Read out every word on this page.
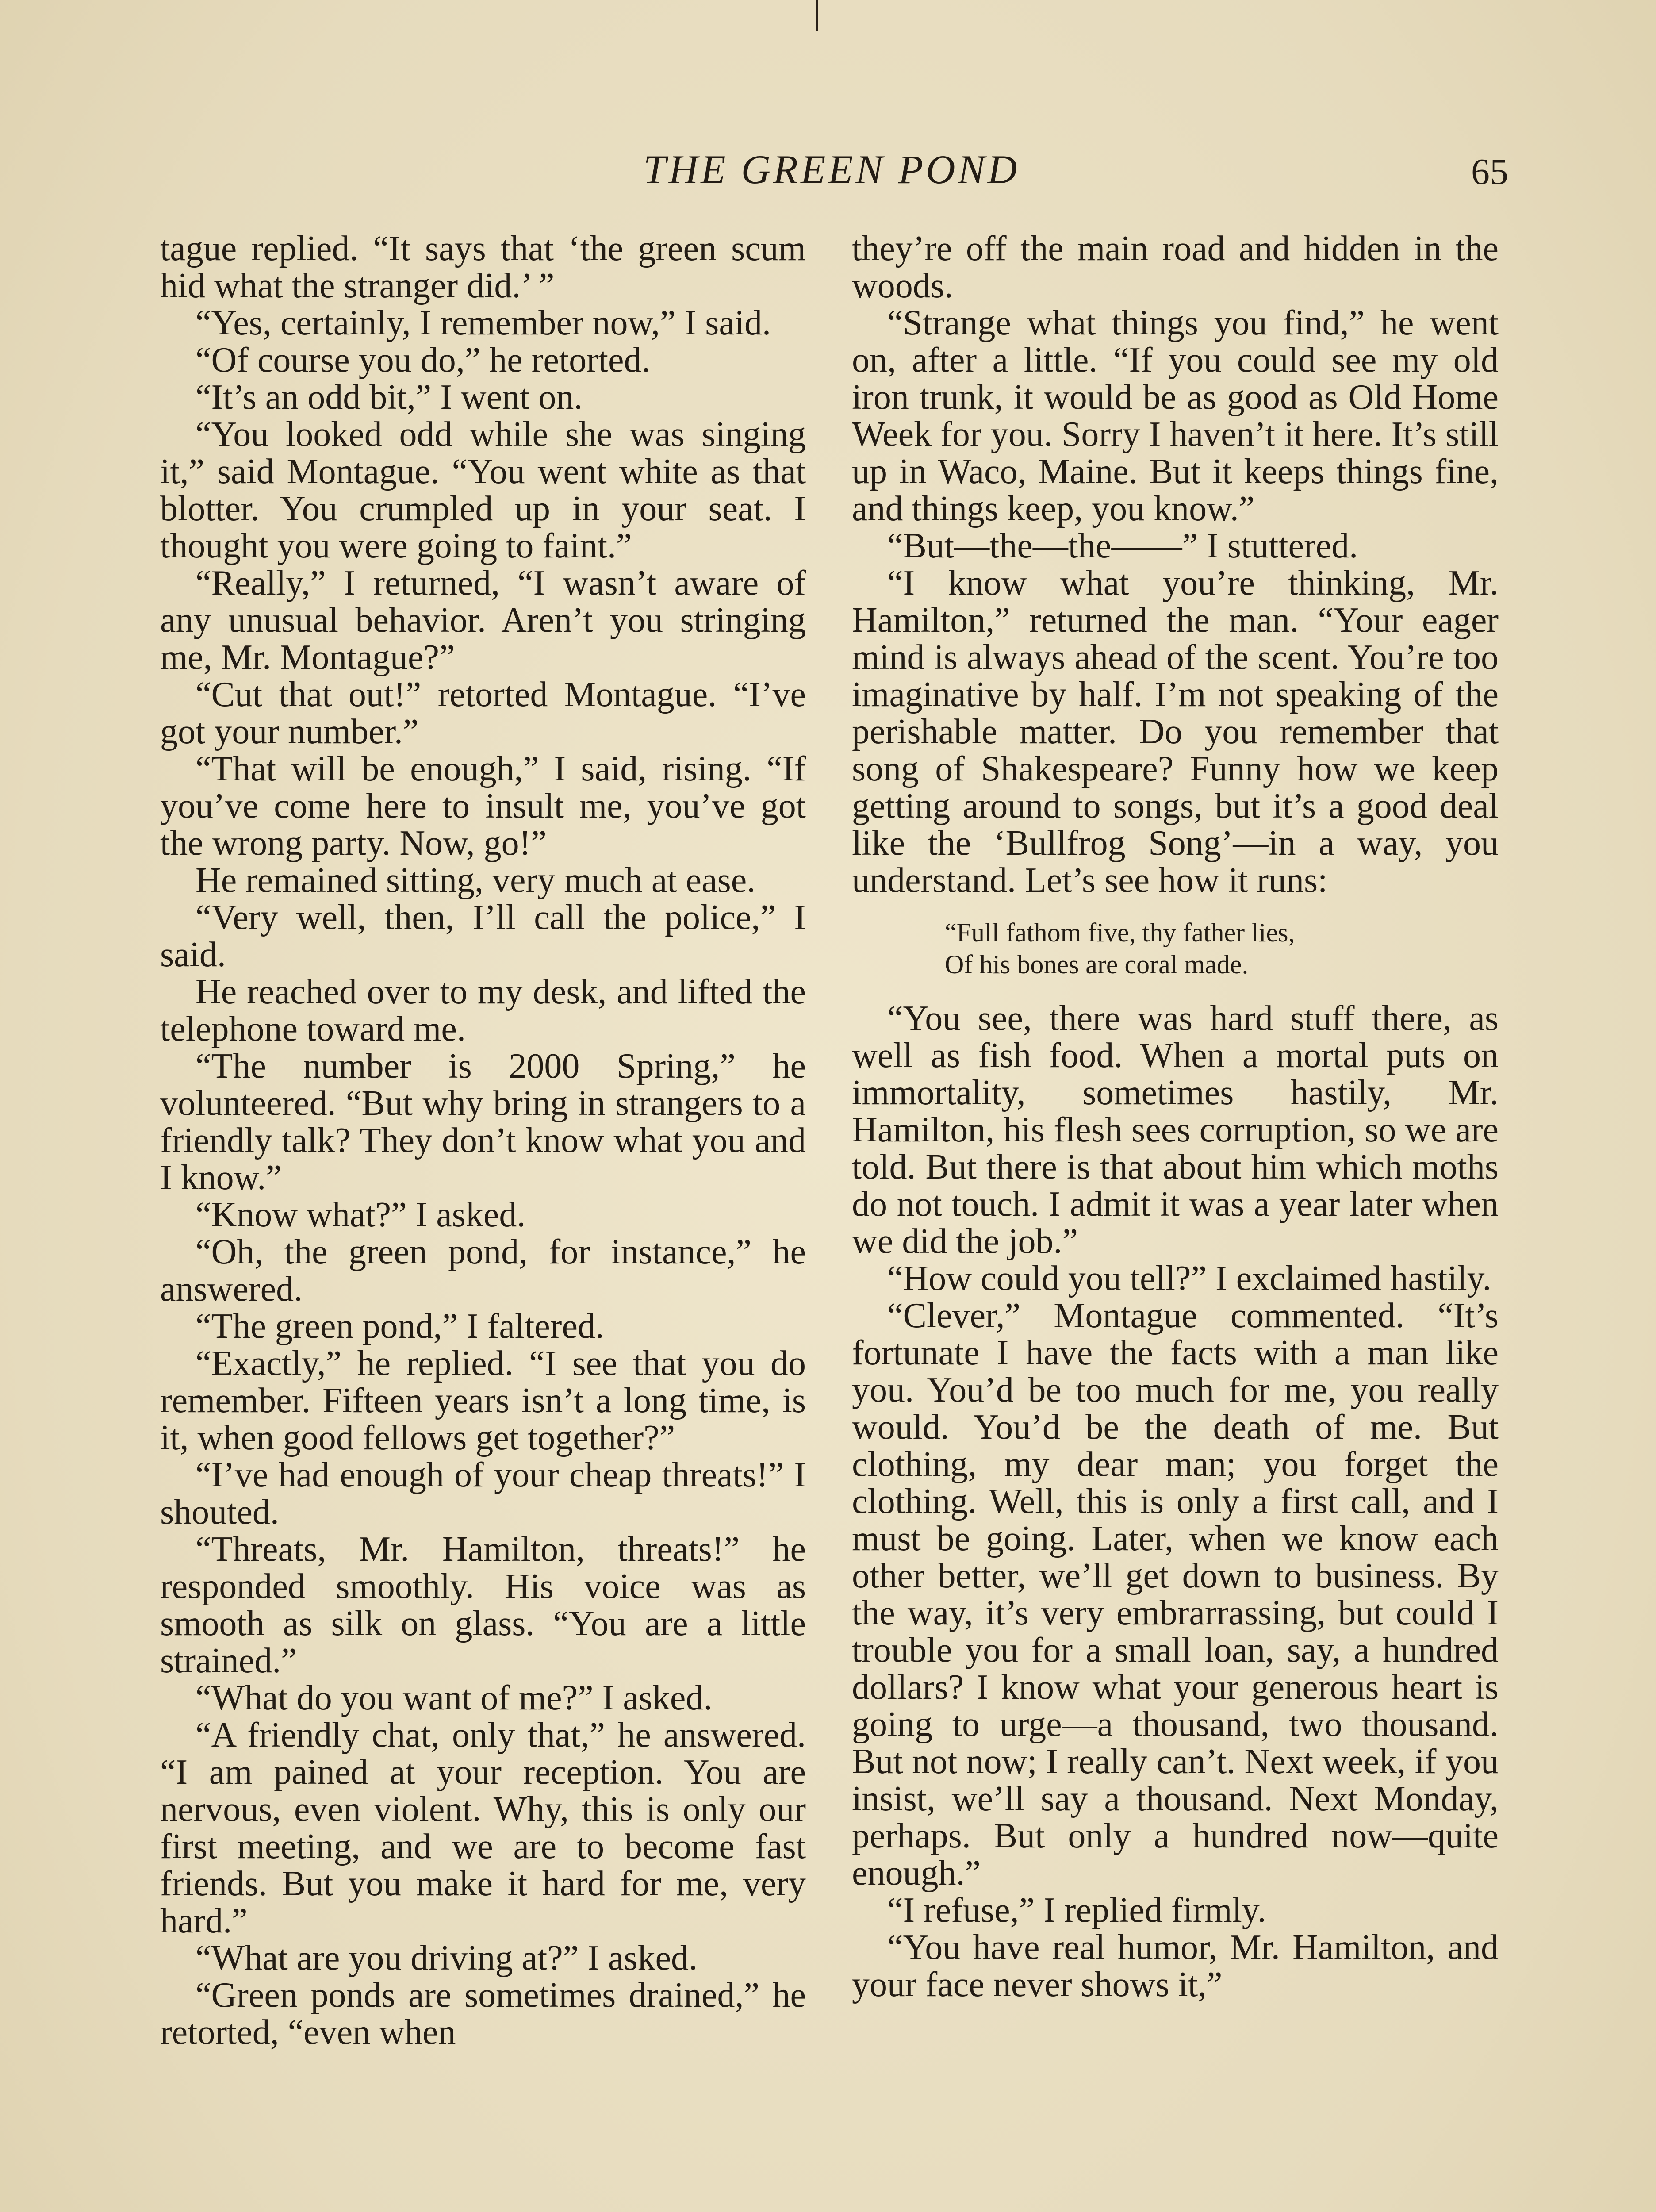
THE GREEN POND	65

tague replied. “It says that ‘the green scum hid what the stranger did.’ ”

“Yes, certainly, I remember now,” I said.

“Of course you do,” he retorted.

“It’s an odd bit,” I went on.

“You looked odd while she was singing it,” said Montague. “You went white as that blotter. You crumpled up in your seat. I thought you were going to faint.”

“Really,” I returned, “I wasn’t aware of any unusual behavior. Aren’t you stringing me, Mr. Montague?”

“Cut that out!” retorted Montague. “I’ve got your number.”

“That will be enough,” I said, rising. “If you’ve come here to insult me, you’ve got the wrong party. Now, go!”

He remained sitting, very much at ease.

“Very well, then, I’ll call the police,” I said.

He reached over to my desk, and lifted the telephone toward me.

“The number is 2000 Spring,” he volunteered. “But why bring in strangers to a friendly talk? They don’t know what you and I know.”

“Know what?” I asked.

“Oh, the green pond, for instance,” he answered.

“The green pond,” I faltered.

“Exactly,” he replied. “I see that you do remember. Fifteen years isn’t a long time, is it, when good fellows get together?”

“I’ve had enough of your cheap threats!” I shouted.

“Threats, Mr. Hamilton, threats!” he responded smoothly. His voice was as smooth as silk on glass. “You are a little strained.”

“What do you want of me?” I asked.

“A friendly chat, only that,” he answered. “I am pained at your reception. You are nervous, even violent. Why, this is only our first meeting, and we are to become fast friends. But you make it hard for me, very hard.”

“What are you driving at?” I asked.

“Green ponds are sometimes drained,” he retorted, “even when

they’re off the main road and hidden in the woods.

“Strange what things you find,” he went on, after a little. “If you could see my old iron trunk, it would be as good as Old Home Week for you. Sorry I haven’t it here. It’s still up in Waco, Maine. But it keeps things fine, and things keep, you know.”

“But—the—the——” I stuttered.

“I know what you’re thinking, Mr. Hamilton,” returned the man. “Your eager mind is always ahead of the scent. You’re too imaginative by half. I’m not speaking of the perishable matter. Do you remember that song of Shakespeare? Funny how we keep getting around to songs, but it’s a good deal like the ‘Bullfrog Song’—in a way, you understand. Let’s see how it runs:

“Full fathom five, thy father lies,
Of his bones are coral made.

“You see, there was hard stuff there, as well as fish food. When a mortal puts on immortality, sometimes hastily, Mr. Hamilton, his flesh sees corruption, so we are told. But there is that about him which moths do not touch. I admit it was a year later when we did the job.”

“How could you tell?” I exclaimed hastily.

“Clever,” Montague commented. “It’s fortunate I have the facts with a man like you. You’d be too much for me, you really would. You’d be the death of me. But clothing, my dear man; you forget the clothing. Well, this is only a first call, and I must be going. Later, when we know each other better, we’ll get down to business. By the way, it’s very embrarrassing, but could I trouble you for a small loan, say, a hundred dollars? I know what your generous heart is going to urge—a thousand, two thousand. But not now; I really can’t. Next week, if you insist, we’ll say a thousand. Next Monday, perhaps. But only a hundred now—quite enough.”

“I refuse,” I replied firmly.

“You have real humor, Mr. Hamilton, and your face never shows it,”
